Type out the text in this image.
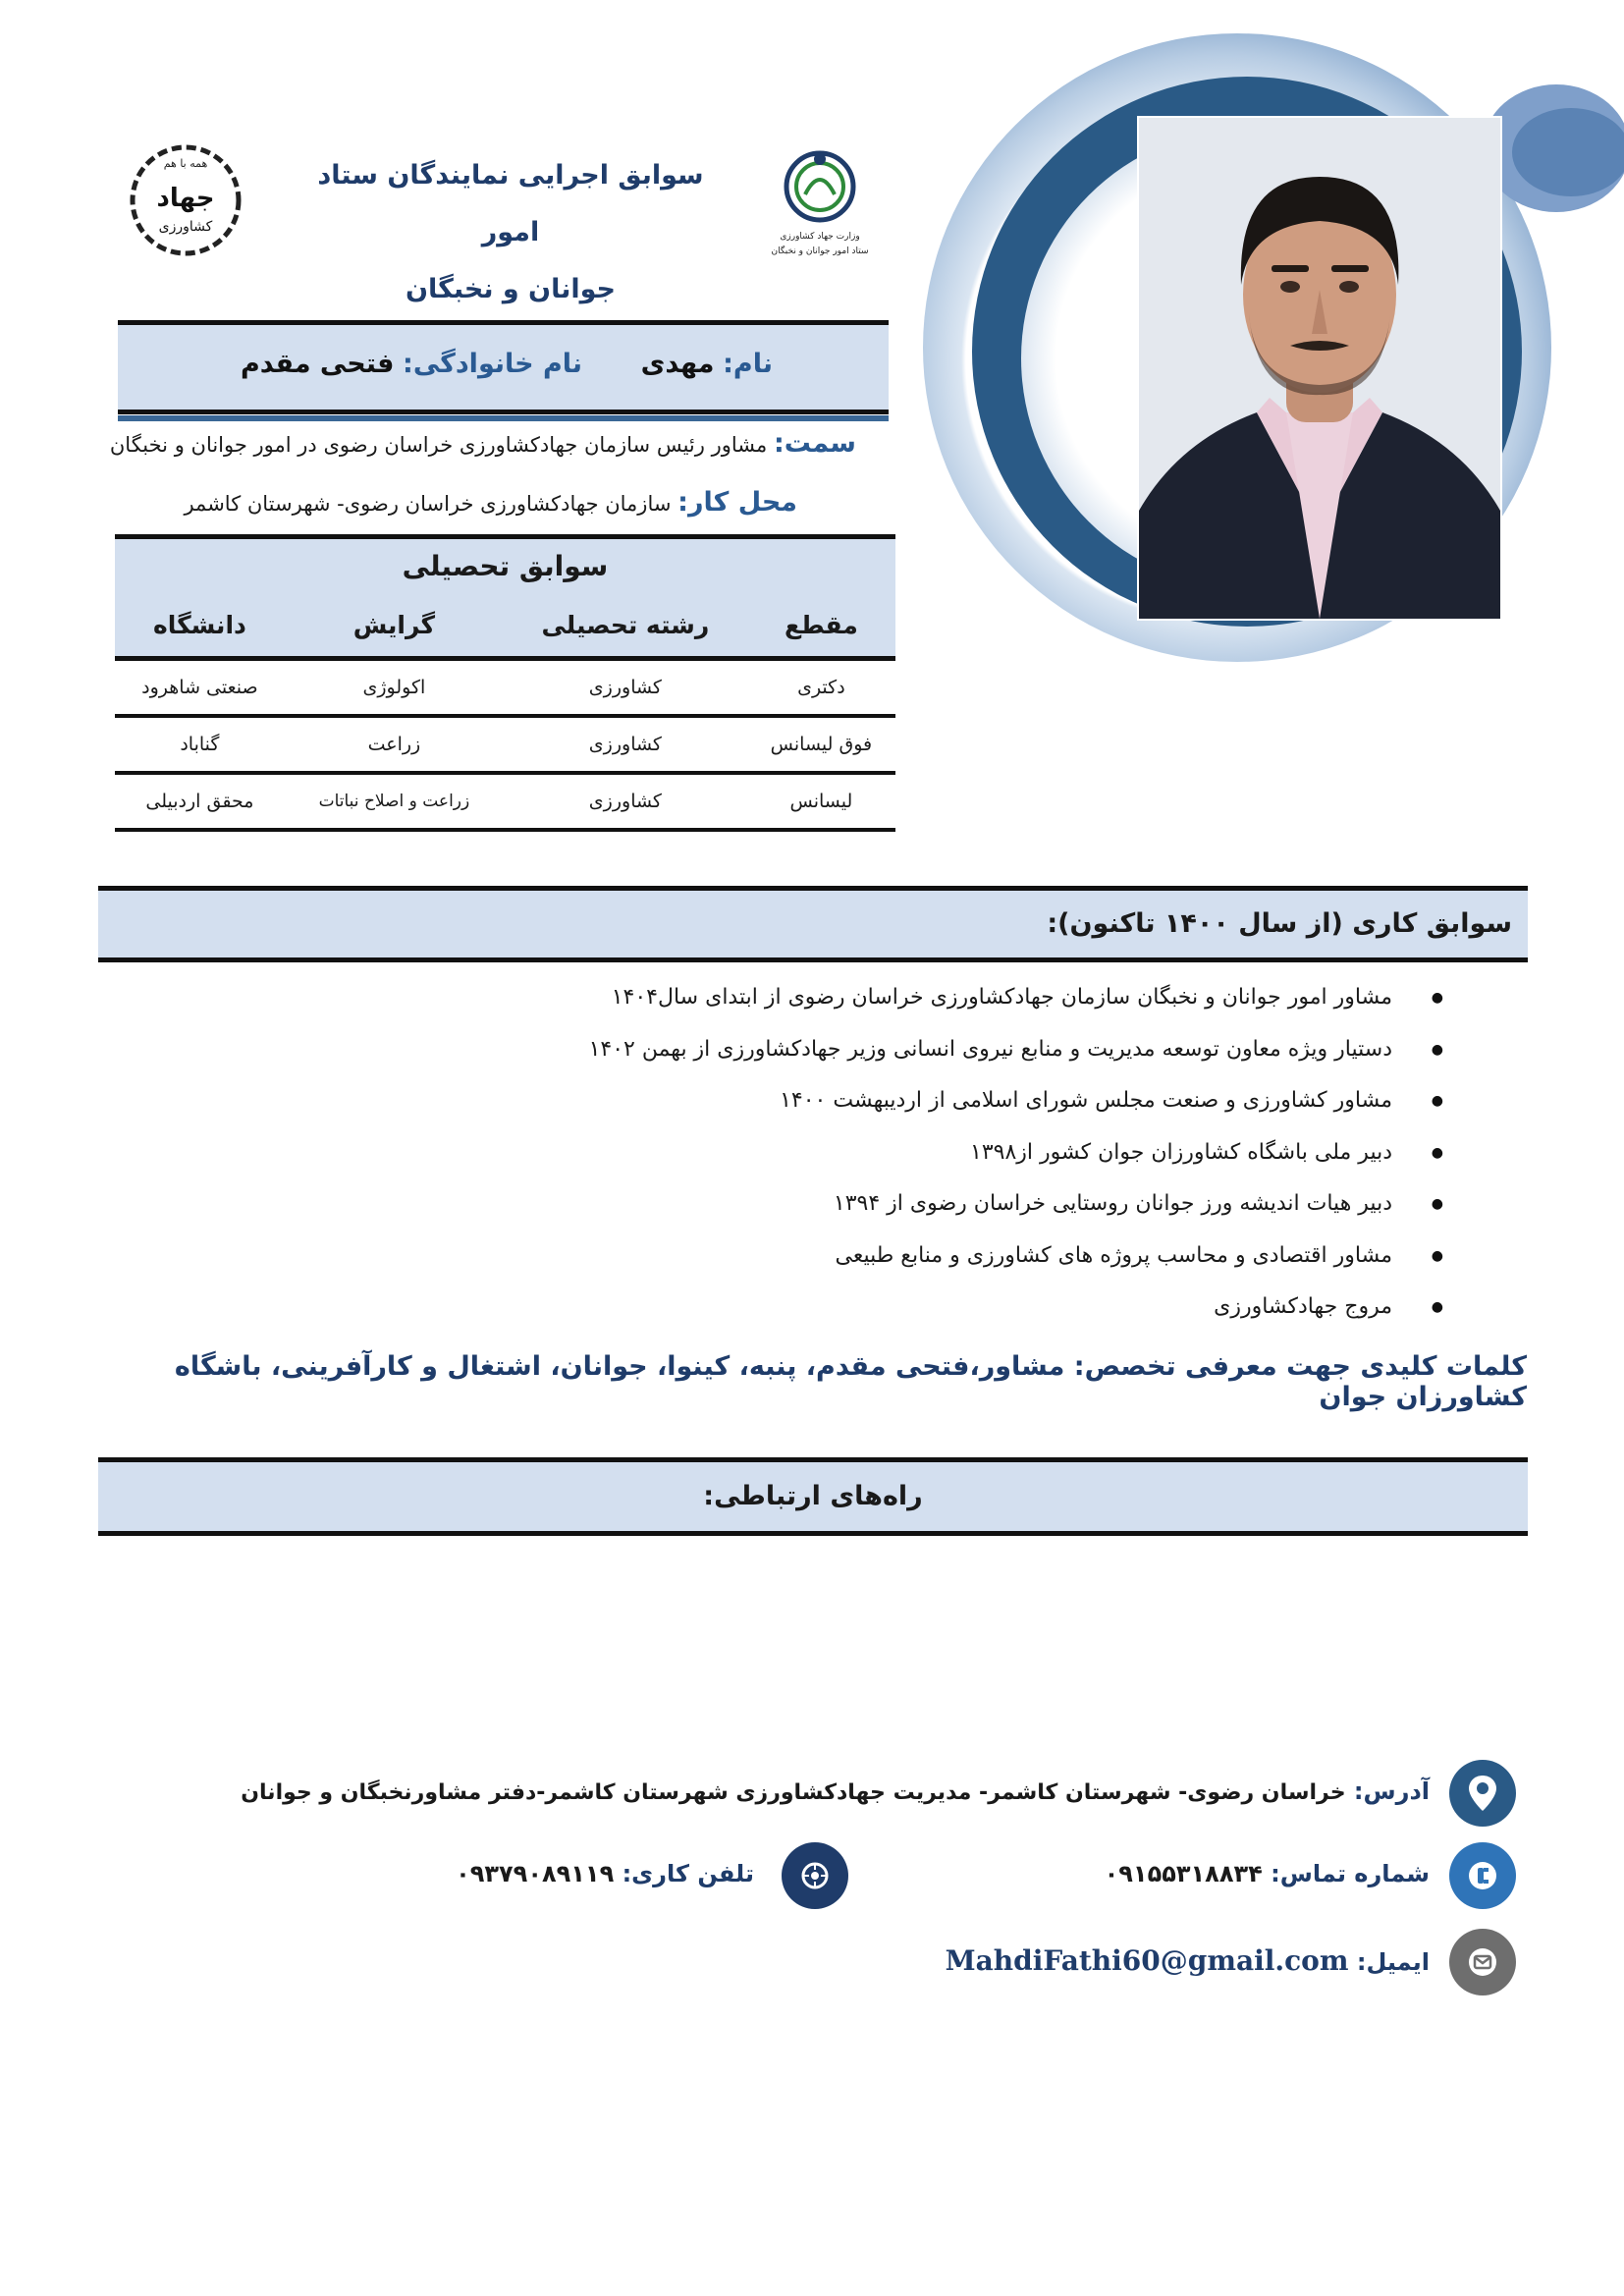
همه با هم
جهاد
کشاورزی
وزارت جهاد کشاورزی
ستاد امور جوانان و نخبگان
سوابق اجرایی نمایندگان ستاد امور
جوانان و نخبگان
نام: مهدی
نام خانوادگی: فتحی مقدم
سمت: مشاور رئیس سازمان جهادکشاورزی خراسان رضوی در امور جوانان و نخبگان
محل کار: سازمان جهادکشاورزی خراسان رضوی- شهرستان کاشمر
سوابق تحصیلی
مقطع	رشته تحصیلی	گرایش	دانشگاه
دکتری	کشاورزی	اکولوژی	صنعتی شاهرود
فوق لیسانس	کشاورزی	زراعت	گناباد
لیسانس	کشاورزی	زراعت و اصلاح نباتات	محقق اردبیلی
سوابق کاری (از سال ۱۴۰۰ تاکنون):
● مشاور امور جوانان و نخبگان سازمان جهادکشاورزی خراسان رضوی از ابتدای سال۱۴۰۴
● دستیار ویژه معاون توسعه مدیریت و منابع نیروی انسانی وزیر جهادکشاورزی از بهمن ۱۴۰۲
● مشاور کشاورزی و صنعت مجلس شورای اسلامی از اردیبهشت ۱۴۰۰
● دبیر ملی باشگاه کشاورزان جوان کشور از۱۳۹۸
● دبیر هیات اندیشه ورز جوانان روستایی خراسان رضوی از ۱۳۹۴
● مشاور اقتصادی و محاسب پروژه های کشاورزی و منابع طبیعی
● مروج جهادکشاورزی
کلمات کلیدی جهت معرفی تخصص: مشاور،فتحی مقدم، پنبه، کینوا، جوانان، اشتغال و کارآفرینی، باشگاه کشاورزان جوان
راه‌های ارتباطی:
آدرس: خراسان رضوی- شهرستان کاشمر- مدیریت جهادکشاورزی شهرستان کاشمر-دفتر مشاورنخبگان و جوانان
شماره تماس: ۰۹۱۵۵۳۱۸۸۳۴
تلفن کاری: ۰۹۳۷۹۰۸۹۱۱۹
ایمیل: MahdiFathi60@gmail.com
